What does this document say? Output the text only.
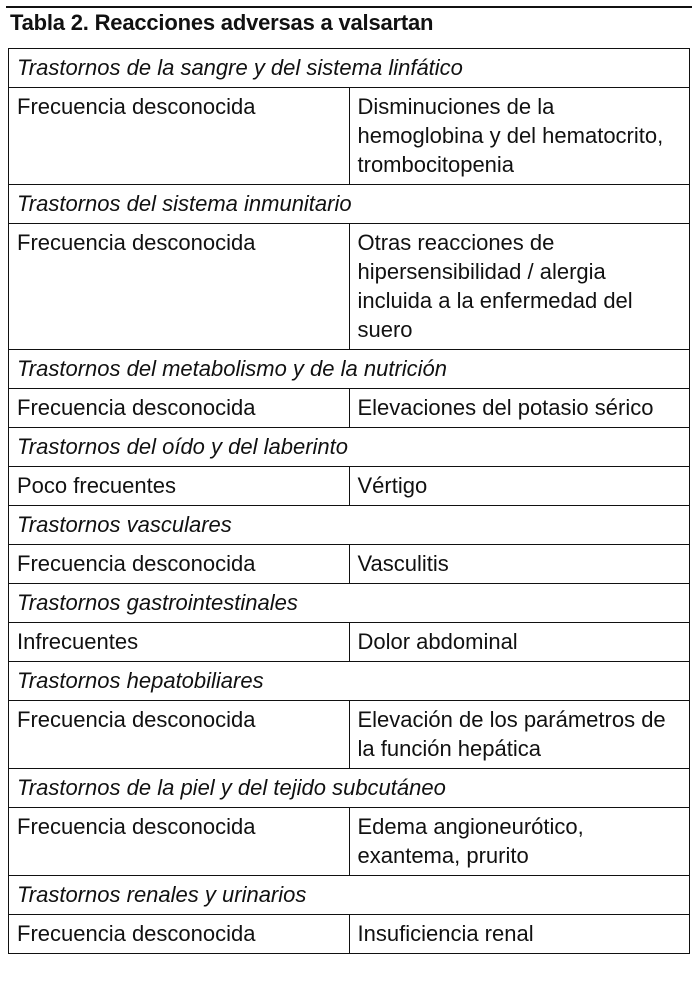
Tabla 2. Reacciones adversas a valsartan
Trastornos de la sangre y del sistema linfático	
Frecuencia desconocida	Disminuciones de la hemoglobina y del hematocrito, trombocitopenia
Trastornos del sistema inmunitario	
Frecuencia desconocida	Otras reacciones de hipersensibilidad / alergia incluida a la enfermedad del suero
Trastornos del metabolismo y de la nutrición	
Frecuencia desconocida	Elevaciones del potasio sérico
Trastornos del oído y del laberinto	
Poco frecuentes	Vértigo
Trastornos vasculares	
Frecuencia desconocida	Vasculitis
Trastornos gastrointestinales	
Infrecuentes	Dolor abdominal
Trastornos hepatobiliares	
Frecuencia desconocida	Elevación de los parámetros de la función hepática
Trastornos de la piel y del tejido subcutáneo	
Frecuencia desconocida	Edema angioneurótico, exantema, prurito
Trastornos renales y urinarios	
Frecuencia desconocida	Insuficiencia renal
